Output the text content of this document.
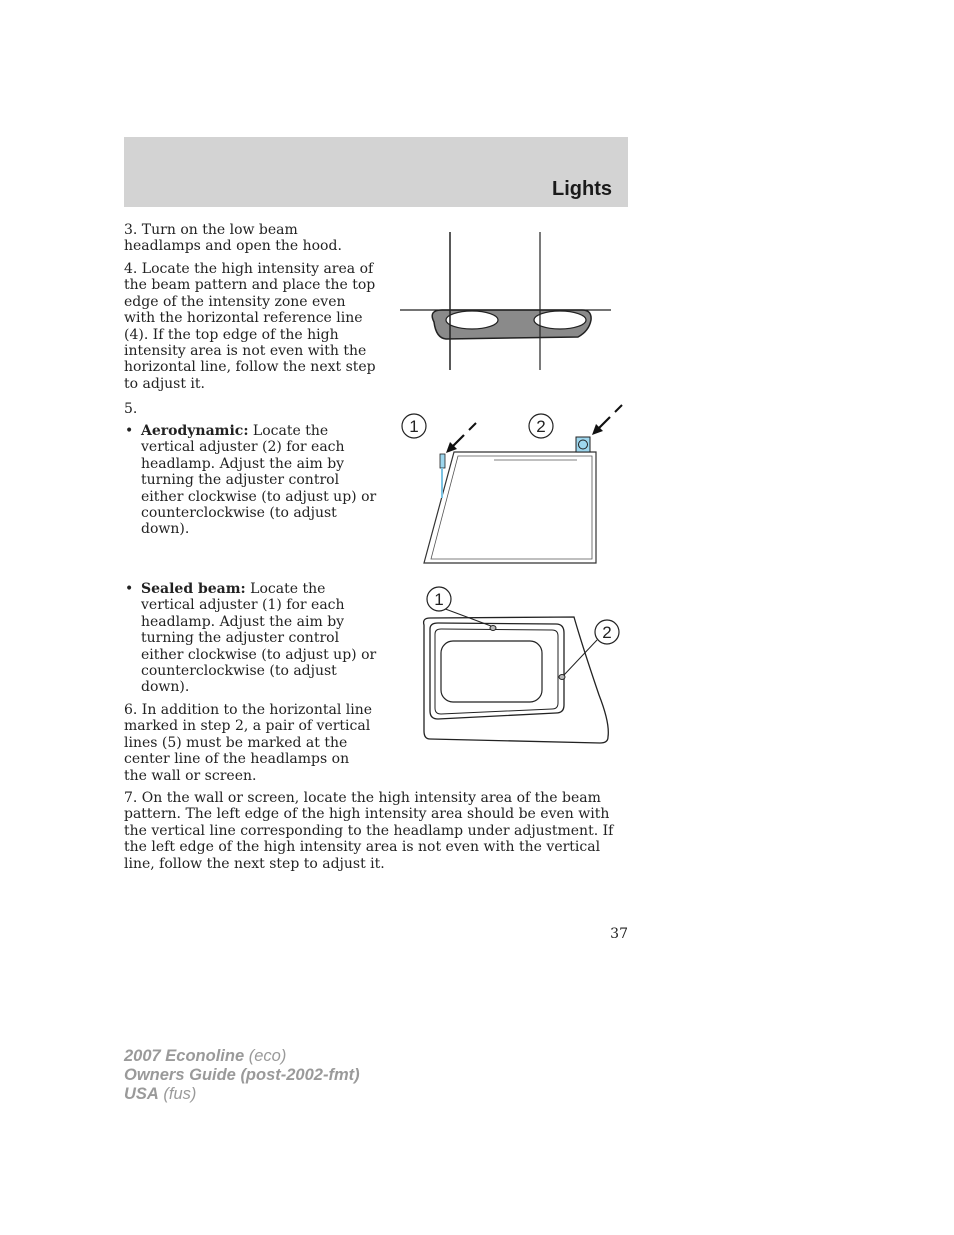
Lights
3. Turn on the low beam headlamps and open the hood.
4. Locate the high intensity area of the beam pattern and place the top edge of the intensity zone even with the horizontal reference line (4). If the top edge of the high intensity area is not even with the horizontal line, follow the next step to adjust it.
5.
• Aerodynamic: Locate the vertical adjuster (2) for each headlamp. Adjust the aim by turning the adjuster control either clockwise (to adjust up) or counterclockwise (to adjust down).
• Sealed beam: Locate the vertical adjuster (1) for each headlamp. Adjust the aim by turning the adjuster control either clockwise (to adjust up) or counterclockwise (to adjust down).
6. In addition to the horizontal line marked in step 2, a pair of vertical lines (5) must be marked at the center line of the headlamps on the wall or screen.
7. On the wall or screen, locate the high intensity area of the beam pattern. The left edge of the high intensity area should be even with the vertical line corresponding to the headlamp under adjustment. If the left edge of the high intensity area is not even with the vertical line, follow the next step to adjust it.
1	2
1
2
37
2007 Econoline (eco)
Owners Guide (post-2002-fmt)
USA (fus)
